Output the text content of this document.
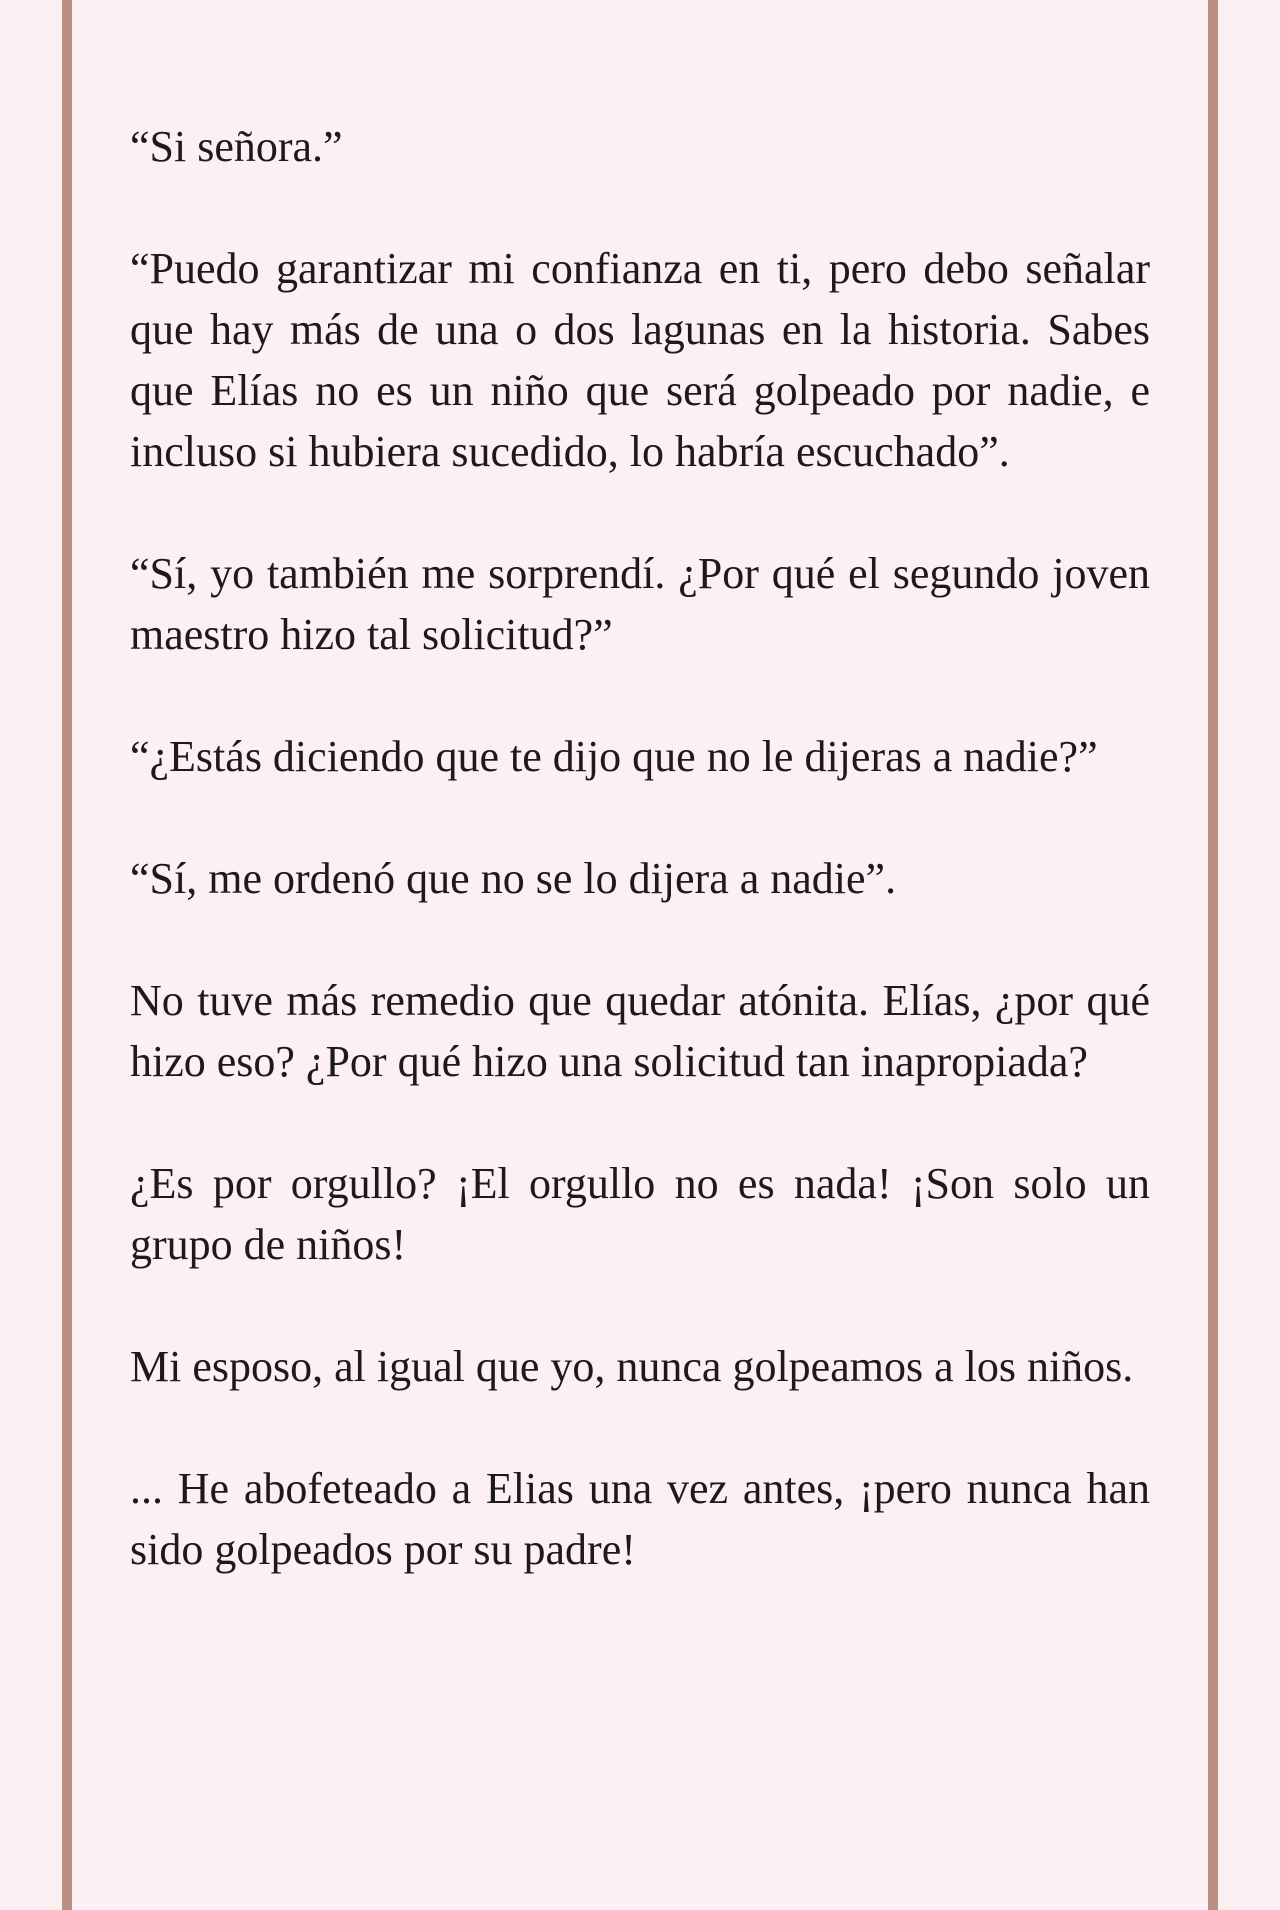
“Si señora.”

“Puedo garantizar mi confianza en ti, pero debo señalar que hay más de una o dos lagunas en la historia. Sabes que Elías no es un niño que será golpeado por nadie, e incluso si hubiera sucedido, lo habría escuchado”.

“Sí, yo también me sorprendí. ¿Por qué el segundo joven maestro hizo tal solicitud?”

“¿Estás diciendo que te dijo que no le dijeras a nadie?”

“Sí, me ordenó que no se lo dijera a nadie”.

No tuve más remedio que quedar atónita. Elías, ¿por qué hizo eso? ¿Por qué hizo una solicitud tan inapropiada?

¿Es por orgullo? ¡El orgullo no es nada! ¡Son solo un grupo de niños!

Mi esposo, al igual que yo, nunca golpeamos a los niños.

... He abofeteado a Elias una vez antes, ¡pero nunca han sido golpeados por su padre!
